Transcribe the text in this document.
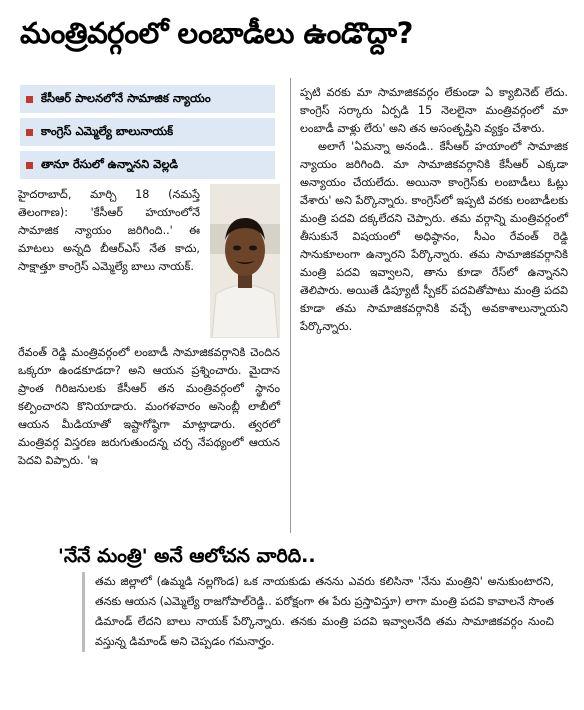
మంత్రివర్గంలో లంబాడీలు ఉండొద్దా?
కేసీఆర్ పాలనలోనే సామాజిక న్యాయం
కాంగ్రెస్ ఎమ్మెల్యే బాలునాయక్
తానూ రేసులో ఉన్నానని వెల్లడి
హైదరాబాద్, మార్చి 18 (నమస్తే తెలంగాణ): 'కేసీఆర్ హయాంలోనే సామాజిక న్యాయం జరిగింది..' ఈ మాటలు అన్నది బీఆర్ఎస్ నేత కాదు, సాక్షాత్తూ కాంగ్రెస్ ఎమ్మెల్యే బాలు నాయక్.
రేవంత్ రెడ్డి మంత్రివర్గంలో లంబాడీ సామాజికవర్గానికి చెందిన ఒక్కరూ ఉండకూడదా? అని ఆయన ప్రశ్నించారు. మైదాన ప్రాంత గిరిజనులకు కేసీఆర్ తన మంత్రివర్గంలో స్థానం కల్పించారని కొనియాడారు. మంగళవారం అసెంబ్లీ లాబీలో ఆయన మీడియాతో ఇష్టాగోష్ఠిగా మాట్లాడారు. త్వరలో మంత్రివర్గ విస్తరణ జరుగుతుందన్న చర్చ నేపథ్యంలో ఆయన పెదవి విప్పారు. 'ఇ

ప్పటి వరకు మా సామాజికవర్గం లేకుండా ఏ క్యాబినెట్ లేదు. కాంగ్రెస్ సర్కారు ఏర్పడి 15 నెలలైనా మంత్రివర్గంలో మా లంబాడీ వాళ్లు లేరు' అని తన అసంతృప్తిని వ్యక్తం చేశారు.

అలాగే 'ఏమన్నా అనండి.. కేసీఆర్ హయాంలో సామాజిక న్యాయం జరిగింది. మా సామాజికవర్గానికి కేసీఆర్ ఎక్కడా అన్యాయం చేయలేదు. అయినా కాంగ్రెస్‌కు లంబాడీలు ఓట్లు వేశారు' అని పేర్కొన్నారు. కాంగ్రెస్‌లో ఇప్పటి వరకు లంబాడీలకు మంత్రి పదవి దక్కలేదని చెప్పారు. తమ వర్గాన్ని మంత్రివర్గంలో తీసుకునే విషయంలో అధిష్ఠానం, సీఎం రేవంత్ రెడ్డి సానుకూలంగా ఉన్నారని పేర్కొన్నారు. తమ సామాజికవర్గానికి మంత్రి పదవి ఇవ్వాలని, తాను కూడా రేస్‌లో ఉన్నానని తెలిపారు. అయితే డిప్యూటీ స్పీకర్ పదవితోపాటు మంత్రి పదవి కూడా తమ సామాజికవర్గానికి వచ్చే అవకాశాలున్నాయని పేర్కొన్నారు.

'నేనే మంత్రి' అనే ఆలోచన వారిది..
తమ జిల్లాలో (ఉమ్మడి నల్లగొండ) ఒక నాయకుడు తనను ఎవరు కలిసినా 'నేను మంత్రిని' అనుకుంటారని, తనకు ఆయన (ఎమ్మెల్యే రాజగోపాల్‌రెడ్డి.. పరోక్షంగా ఈ పేరు ప్రస్తావిస్తూ) లాగా మంత్రి పదవి కావాలనే సొంత డిమాండ్ లేదని బాలు నాయక్ పేర్కొన్నారు. తనకు మంత్రి పదవి ఇవ్వాలనేది తమ సామాజికవర్గం నుంచి వస్తున్న డిమాండ్ అని చెప్పడం గమనార్హం.
